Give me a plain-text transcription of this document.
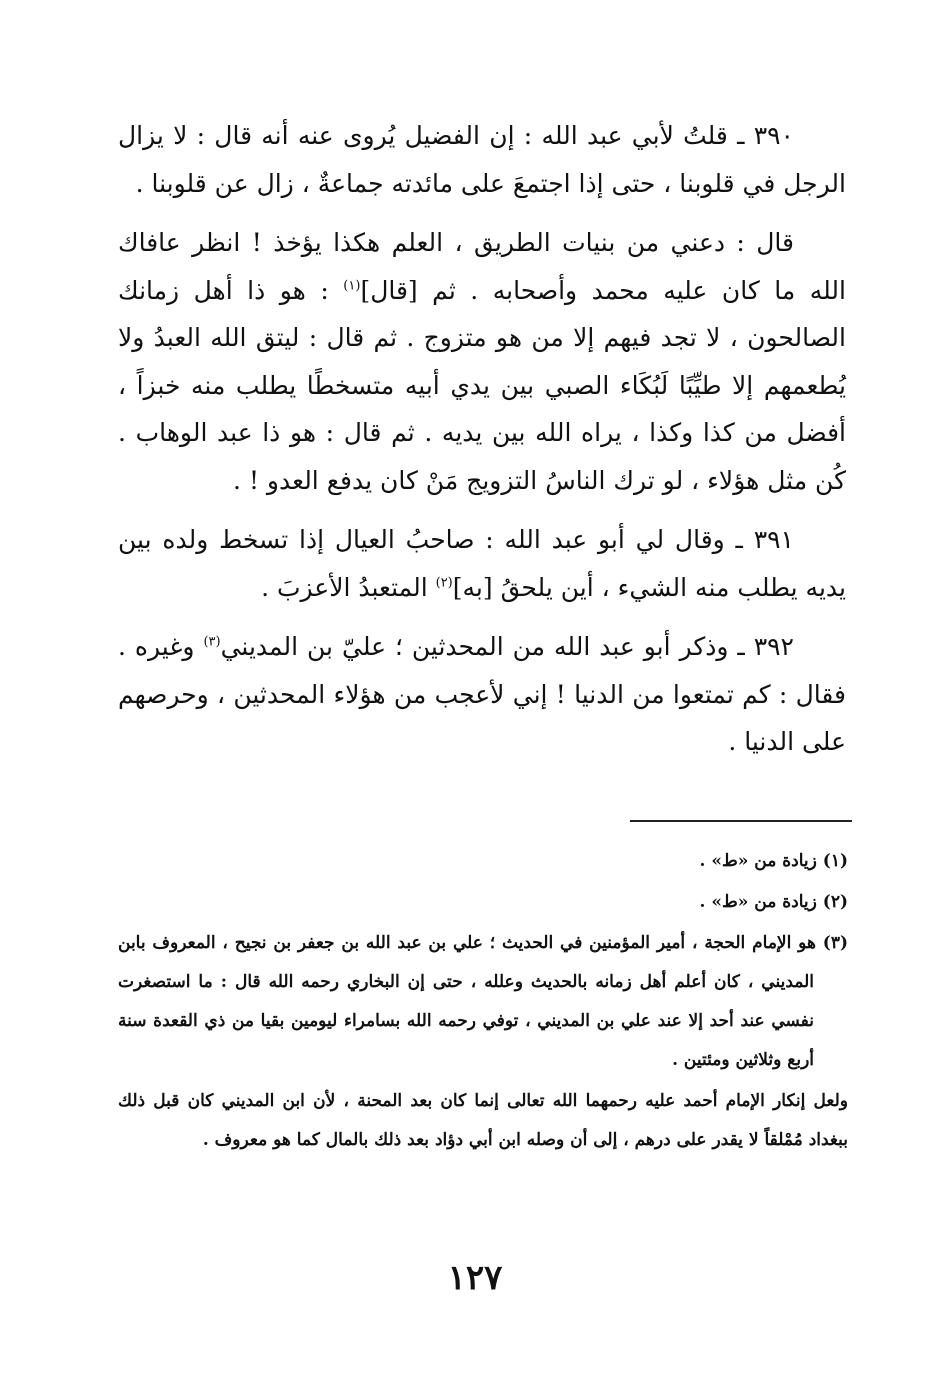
٣٩٠ ـ قلتُ لأبي عبد الله : إن الفضيل يُروى عنه أنه قال : لا يزال الرجل في قلوبنا ، حتى إذا اجتمعَ على مائدته جماعةٌ ، زال عن قلوبنا .

قال : دعني من بنيات الطريق ، العلم هكذا يؤخذ ! انظر عافاك الله ما كان عليه محمد وأصحابه . ثم [قال]$^{(١)}$ : هو ذا أهل زمانك الصالحون ، لا تجد فيهم إلا من هو متزوج . ثم قال : ليتق الله العبدُ ولا يُطعمهم إلا طيِّبًا لَبُكَاء الصبي بين يدي أبيه متسخطًا يطلب منه خبزاً ، أفضل من كذا وكذا ، يراه الله بين يديه . ثم قال : هو ذا عبد الوهاب . كُن مثل هؤلاء ، لو ترك الناسُ التزويج مَنْ كان يدفع العدو ! .

٣٩١ ـ وقال لي أبو عبد الله : صاحبُ العيال إذا تسخط ولده بين يديه يطلب منه الشيء ، أين يلحقُ [به]$^{(٢)}$ المتعبدُ الأعزبَ .

٣٩٢ ـ وذكر أبو عبد الله من المحدثين ؛ عليّ بن المديني$^{(٣)}$ وغيره . فقال : كم تمتعوا من الدنيا ! إني لأعجب من هؤلاء المحدثين ، وحرصهم على الدنيا .

(١) زيادة من «ط» .

(٢) زيادة من «ط» .

(٣) هو الإمام الحجة ، أمير المؤمنين في الحديث ؛ علي بن عبد الله بن جعفر بن نجيح ، المعروف بابن المديني ، كان أعلم أهل زمانه بالحديث وعلله ، حتى إن البخاري رحمه الله قال : ما استصغرت نفسي عند أحد إلا عند علي بن المديني ، توفي رحمه الله بسامراء ليومين بقيا من ذي القعدة سنة أربع وثلاثين ومئتين .

ولعل إنكار الإمام أحمد عليه رحمهما الله تعالى إنما كان بعد المحنة ، لأن ابن المديني كان قبل ذلك ببغداد مُمْلقاً لا يقدر على درهم ، إلى أن وصله ابن أبي دؤاد بعد ذلك بالمال كما هو معروف .

١٢٧
